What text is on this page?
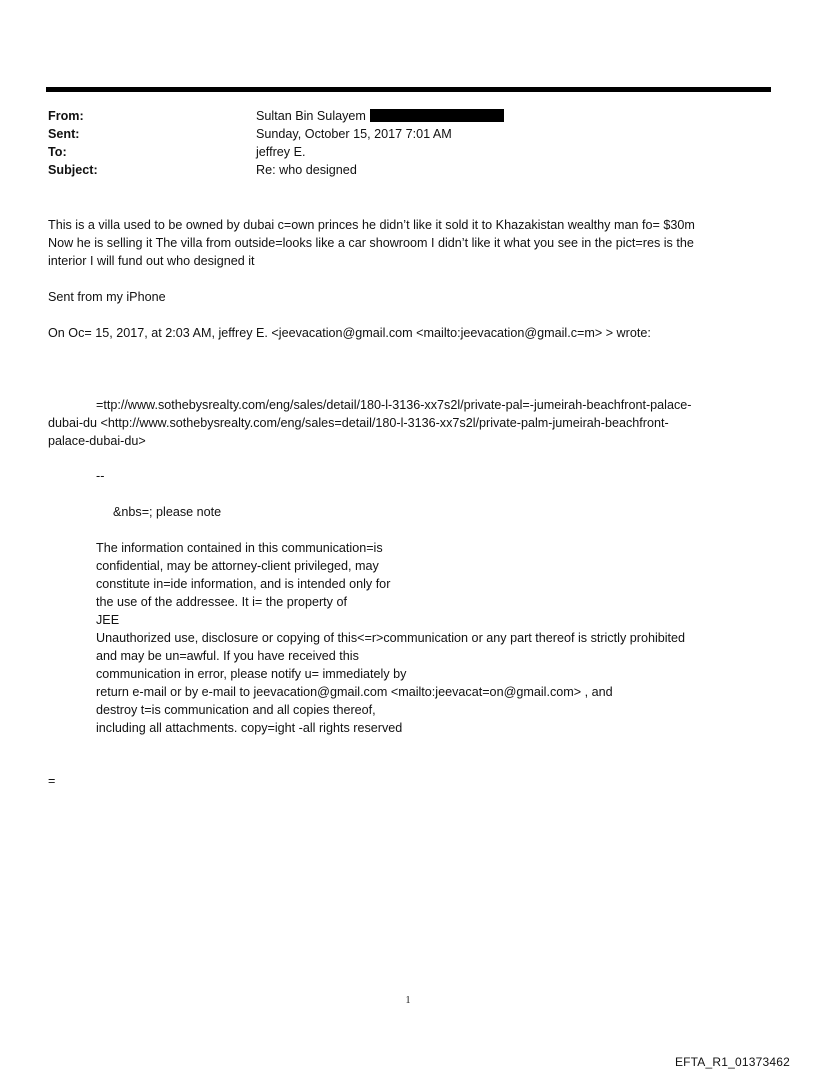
From:	Sultan Bin Sulayem
Sent:	Sunday, October 15, 2017 7:01 AM
To:	jeffrey E.
Subject:	Re: who designed
This is a villa used to be owned by dubai c=own princes he didn’t like it sold it to Khazakistan wealthy man fo= $30m
Now he is selling it The villa from outside=looks like a car showroom I didn’t like it what you see in the pict=res is the
interior I will fund out who designed it
Sent from my iPhone
On Oc= 15, 2017, at 2:03 AM, jeffrey E. <jeevacation@gmail.com <mailto:jeevacation@gmail.c=m> > wrote:
=ttp://www.sothebysrealty.com/eng/sales/detail/180-l-3136-xx7s2l/private-pal=-jumeirah-beachfront-palace-
dubai-du <http://www.sothebysrealty.com/eng/sales=detail/180-l-3136-xx7s2l/private-palm-jumeirah-beachfront-
palace-dubai-du>
--
&nbs=; please note
The information contained in this communication=is
confidential, may be attorney-client privileged, may
constitute in=ide information, and is intended only for
the use of the addressee. It i= the property of
JEE
Unauthorized use, disclosure or copying of this<=r>communication or any part thereof is strictly prohibited
and may be un=awful. If you have received this
communication in error, please notify u= immediately by
return e-mail or by e-mail to jeevacation@gmail.com <mailto:jeevacat=on@gmail.com> , and
destroy t=is communication and all copies thereof,
including all attachments. copy=ight -all rights reserved
=
1
EFTA_R1_01373462
